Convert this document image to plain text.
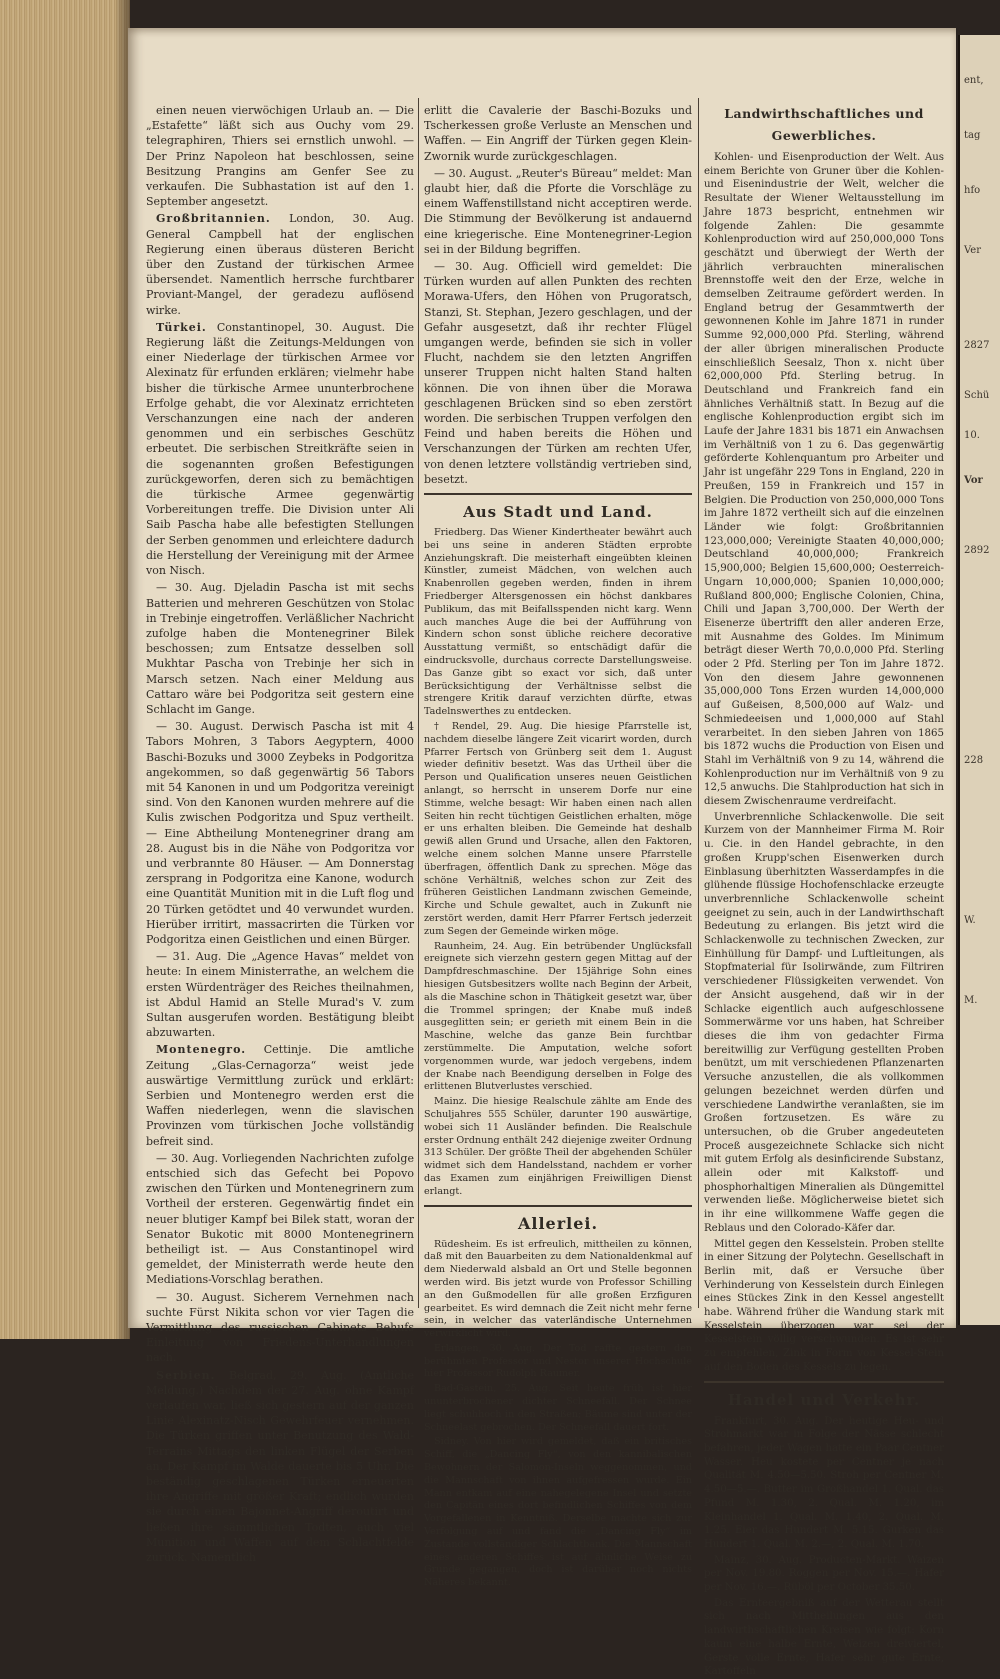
einen neuen vierwöchigen Urlaub an. — Die „Estafette“ läßt sich aus Ouchy vom 29. telegraphiren, Thiers sei ernstlich unwohl. — Der Prinz Napoleon hat beschlossen, seine Besitzung Prangins am Genfer See zu verkaufen. Die Subhastation ist auf den 1. September angesetzt.

Großbritannien. London, 30. Aug. General Campbell hat der englischen Regierung einen überaus düsteren Bericht über den Zustand der türkischen Armee übersendet. Namentlich herrsche furchtbarer Proviant-Mangel, der geradezu auflösend wirke.

Türkei. Constantinopel, 30. August. Die Regierung läßt die Zeitungs-Meldungen von einer Niederlage der türkischen Armee vor Alexinatz für erfunden erklären; vielmehr habe bisher die türkische Armee ununterbrochene Erfolge gehabt, die vor Alexinatz errichteten Verschanzungen eine nach der anderen genommen und ein serbisches Geschütz erbeutet. Die serbischen Streitkräfte seien in die sogenannten großen Befestigungen zurückgeworfen, deren sich zu bemächtigen die türkische Armee gegenwärtig Vorbereitungen treffe. Die Division unter Ali Saib Pascha habe alle befestigten Stellungen der Serben genommen und erleichtere dadurch die Herstellung der Vereinigung mit der Armee von Nisch.

— 30. Aug. Djeladin Pascha ist mit sechs Batterien und mehreren Geschützen von Stolac in Trebinje eingetroffen. Verläßlicher Nachricht zufolge haben die Montenegriner Bilek beschossen; zum Entsatze desselben soll Mukhtar Pascha von Trebinje her sich in Marsch setzen. Nach einer Meldung aus Cattaro wäre bei Podgoritza seit gestern eine Schlacht im Gange.

— 30. August. Derwisch Pascha ist mit 4 Tabors Mohren, 3 Tabors Aegyptern, 4000 Baschi-Bozuks und 3000 Zeybeks in Podgoritza angekommen, so daß gegenwärtig 56 Tabors mit 54 Kanonen in und um Podgoritza vereinigt sind. Von den Kanonen wurden mehrere auf die Kulis zwischen Podgoritza und Spuz vertheilt. — Eine Abtheilung Montenegriner drang am 28. August bis in die Nähe von Podgoritza vor und verbrannte 80 Häuser. — Am Donnerstag zersprang in Podgoritza eine Kanone, wodurch eine Quantität Munition mit in die Luft flog und 20 Türken getödtet und 40 verwundet wurden. Hierüber irritirt, massacrirten die Türken vor Podgoritza einen Geistlichen und einen Bürger.

— 31. Aug. Die „Agence Havas“ meldet von heute: In einem Ministerrathe, an welchem die ersten Würdenträger des Reiches theilnahmen, ist Abdul Hamid an Stelle Murad's V. zum Sultan ausgerufen worden. Bestätigung bleibt abzuwarten.

Montenegro. Cettinje. Die amtliche Zeitung „Glas-Cernagorza“ weist jede auswärtige Vermittlung zurück und erklärt: Serbien und Montenegro werden erst die Waffen niederlegen, wenn die slavischen Provinzen vom türkischen Joche vollständig befreit sind.

— 30. Aug. Vorliegenden Nachrichten zufolge entschied sich das Gefecht bei Popovo zwischen den Türken und Montenegrinern zum Vortheil der ersteren. Gegenwärtig findet ein neuer blutiger Kampf bei Bilek statt, woran der Senator Bukotic mit 8000 Montenegrinern betheiligt ist. — Aus Constantinopel wird gemeldet, der Ministerrath werde heute den Mediations-Vorschlag berathen.

— 30. August. Sicherem Vernehmen nach suchte Fürst Nikita schon vor vier Tagen die Vermittlung des russischen Cabinets Behufs Einleitung von Friedens-Unterhandlungen nach.

Serbien. Belgrad, 29. Aug. (Amtliche Meldung.) Nachdem der 27. Aug. ohne Kampf verlaufen war, ließ sich gestern auf der ganzen Linie Alexinatz-Nisch Gewehrfeuer vernehmen. Die Türken griffen unter Benutzung des Wald-Terrains Mittags den linken Flügel der Serben an. Der Kampf im Walde dauerte bis 5 Uhr. Die beständig geschlagenen Türken erneuerten ihre Angriffe mit größer Kraft; endlich wurden sie durch einen Bajonnet-Angriff deroutirt und ließen ihre sämmtlichen Todten, auch viel Munition und Waffen auf dem Schlachtfelde zurück. Namentlich

erlitt die Cavalerie der Baschi-Bozuks und Tscherkessen große Verluste an Menschen und Waffen. — Ein Angriff der Türken gegen Klein-Zwornik wurde zurückgeschlagen.

— 30. August. „Reuter's Büreau“ meldet: Man glaubt hier, daß die Pforte die Vorschläge zu einem Waffenstillstand nicht acceptiren werde. Die Stimmung der Bevölkerung ist andauernd eine kriegerische. Eine Montenegriner-Legion sei in der Bildung begriffen.

— 30. Aug. Officiell wird gemeldet: Die Türken wurden auf allen Punkten des rechten Morawa-Ufers, den Höhen von Prugoratsch, Stanzi, St. Stephan, Jezero geschlagen, und der Gefahr ausgesetzt, daß ihr rechter Flügel umgangen werde, befinden sie sich in voller Flucht, nachdem sie den letzten Angriffen unserer Truppen nicht halten Stand halten können. Die von ihnen über die Morawa geschlagenen Brücken sind so eben zerstört worden. Die serbischen Truppen verfolgen den Feind und haben bereits die Höhen und Verschanzungen der Türken am rechten Ufer, von denen letztere vollständig vertrieben sind, besetzt.

Aus Stadt und Land.

Friedberg. Das Wiener Kindertheater bewährt auch bei uns seine in anderen Städten erprobte Anziehungskraft. Die meisterhaft eingeübten kleinen Künstler, zumeist Mädchen, von welchen auch Knabenrollen gegeben werden, finden in ihrem Friedberger Altersgenossen ein höchst dankbares Publikum, das mit Beifallsspenden nicht karg. Wenn auch manches Auge die bei der Aufführung von Kindern schon sonst übliche reichere decorative Ausstattung vermißt, so entschädigt dafür die eindrucksvolle, durchaus correcte Darstellungsweise. Das Ganze gibt so exact vor sich, daß unter Berücksichtigung der Verhältnisse selbst die strengere Kritik darauf verzichten dürfte, etwas Tadelnswerthes zu entdecken.

† Rendel, 29. Aug. Die hiesige Pfarrstelle ist, nachdem dieselbe längere Zeit vicarirt worden, durch Pfarrer Fertsch von Grünberg seit dem 1. August wieder definitiv besetzt. Was das Urtheil über die Person und Qualification unseres neuen Geistlichen anlangt, so herrscht in unserem Dorfe nur eine Stimme, welche besagt: Wir haben einen nach allen Seiten hin recht tüchtigen Geistlichen erhalten, möge er uns erhalten bleiben. Die Gemeinde hat deshalb gewiß allen Grund und Ursache, allen den Faktoren, welche einem solchen Manne unsere Pfarrstelle überfragen, öffentlich Dank zu sprechen. Möge das schöne Verhältniß, welches schon zur Zeit des früheren Geistlichen Landmann zwischen Gemeinde, Kirche und Schule gewaltet, auch in Zukunft nie zerstört werden, damit Herr Pfarrer Fertsch jederzeit zum Segen der Gemeinde wirken möge.

Raunheim, 24. Aug. Ein betrübender Unglücksfall ereignete sich vierzehn gestern gegen Mittag auf der Dampfdreschmaschine. Der 15jährige Sohn eines hiesigen Gutsbesitzers wollte nach Beginn der Arbeit, als die Maschine schon in Thätigkeit gesetzt war, über die Trommel springen; der Knabe muß indeß ausgeglitten sein; er gerieth mit einem Bein in die Maschine, welche das ganze Bein furchtbar zerstümmelte. Die Amputation, welche sofort vorgenommen wurde, war jedoch vergebens, indem der Knabe nach Beendigung derselben in Folge des erlittenen Blutverlustes verschied.

Mainz. Die hiesige Realschule zählte am Ende des Schuljahres 555 Schüler, darunter 190 auswärtige, wobei sich 11 Ausländer befinden. Die Realschule erster Ordnung enthält 242 diejenige zweiter Ordnung 313 Schüler. Der größte Theil der abgehenden Schüler widmet sich dem Handelsstand, nachdem er vorher das Examen zum einjährigen Freiwilligen Dienst erlangt.

Allerlei.

Rüdesheim. Es ist erfreulich, mittheilen zu können, daß mit den Bauarbeiten zu dem Nationaldenkmal auf dem Niederwald alsbald an Ort und Stelle begonnen werden wird. Bis jetzt wurde von Professor Schilling an den Gußmodellen für alle großen Erzfiguren gearbeitet. Es wird demnach die Zeit nicht mehr ferne sein, in welcher das vaterländische Unternehmen verwirklicht wird.

Erlangen, 30. Aug. Der Tod raffte gestern den berühmten Professor und Nestor unserer Hochschule hier Professor Rudolph Raumer.

Bad-Gastein, 25. Aug. Seit heute früh ist hier ununterbrochener dichter Schneefall. Der Schnee liegt schuhhoch in den Straßen; Bäume sind unter der Schneelast gebrochen. Der Schneefall dauert fort.

Sidney. Von hier wird gemeldet, daß ein britisches Schiff, die „Dancing Fly“, von den kannibalischen Bewohnern der Salomon-Inseln weggenommen, und die Mannschaft von ihnen aufgefressen wurde. Ein Mann entkam auf eine nahegelegene Insel und setzte den Capitän eines dort befindlichen Schiffes von dem Vorgefallenen in Kenntniß. Derselbe machte sich zur Verfolgung auf und fand die „Dancing Fly“ im Zustande vollständiger Schlachtbank. Die Mannschaft eines anderen Schiffes ist auf ähnliche Weise zu Grunde gegangen, doch ist darüber noch nichts Näheres bekannt.

Landwirthschaftliches und Gewerbliches.

Kohlen- und Eisenproduction der Welt. Aus einem Berichte von Gruner über die Kohlen- und Eisenindustrie der Welt, welcher die Resultate der Wiener Weltausstellung im Jahre 1873 bespricht, entnehmen wir folgende Zahlen: Die gesammte Kohlenproduction wird auf 250,000,000 Tons geschätzt und überwiegt der Werth der jährlich verbrauchten mineralischen Brennstoffe weit den der Erze, welche in demselben Zeitraume gefördert werden. In England betrug der Gesammtwerth der gewonnenen Kohle im Jahre 1871 in runder Summe 92,000,000 Pfd. Sterling, während der aller übrigen mineralischen Producte einschließlich Seesalz, Thon x. nicht über 62,000,000 Pfd. Sterling betrug. In Deutschland und Frankreich fand ein ähnliches Verhältniß statt. In Bezug auf die englische Kohlenproduction ergibt sich im Laufe der Jahre 1831 bis 1871 ein Anwachsen im Verhältniß von 1 zu 6. Das gegenwärtig geförderte Kohlenquantum pro Arbeiter und Jahr ist ungefähr 229 Tons in England, 220 in Preußen, 159 in Frankreich und 157 in Belgien. Die Production von 250,000,000 Tons im Jahre 1872 vertheilt sich auf die einzelnen Länder wie folgt: Großbritannien 123,000,000; Vereinigte Staaten 40,000,000; Deutschland 40,000,000; Frankreich 15,900,000; Belgien 15,600,000; Oesterreich-Ungarn 10,000,000; Spanien 10,000,000; Rußland 800,000; Englische Colonien, China, Chili und Japan 3,700,000. Der Werth der Eisenerze übertrifft den aller anderen Erze, mit Ausnahme des Goldes. Im Minimum beträgt dieser Werth 70,0.0,000 Pfd. Sterling oder 2 Pfd. Sterling per Ton im Jahre 1872. Von den diesem Jahre gewonnenen 35,000,000 Tons Erzen wurden 14,000,000 auf Gußeisen, 8,500,000 auf Walz- und Schmiedeeisen und 1,000,000 auf Stahl verarbeitet. In den sieben Jahren von 1865 bis 1872 wuchs die Production von Eisen und Stahl im Verhältniß von 9 zu 14, während die Kohlenproduction nur im Verhältniß von 9 zu 12,5 anwuchs. Die Stahlproduction hat sich in diesem Zwischenraume verdreifacht.

Unverbrennliche Schlackenwolle. Die seit Kurzem von der Mannheimer Firma M. Roir u. Cie. in den Handel gebrachte, in den großen Krupp'schen Eisenwerken durch Einblasung überhitzten Wasserdampfes in die glühende flüssige Hochofenschlacke erzeugte unverbrennliche Schlackenwolle scheint geeignet zu sein, auch in der Landwirthschaft Bedeutung zu erlangen. Bis jetzt wird die Schlackenwolle zu technischen Zwecken, zur Einhüllung für Dampf- und Luftleitungen, als Stopfmaterial für Isolirwände, zum Filtriren verschiedener Flüssigkeiten verwendet. Von der Ansicht ausgehend, daß wir in der Schlacke eigentlich auch aufgeschlossene Sommerwärme vor uns haben, hat Schreiber dieses die ihm von gedachter Firma bereitwillig zur Verfügung gestellten Proben benützt, um mit verschiedenen Pflanzenarten Versuche anzustellen, die als vollkommen gelungen bezeichnet werden dürfen und verschiedene Landwirthe veranlaßten, sie im Großen fortzusetzen. Es wäre zu untersuchen, ob die Gruber angedeuteten Proceß ausgezeichnete Schlacke sich nicht mit gutem Erfolg als desinficirende Substanz, allein oder mit Kalkstoff- und phosphorhaltigen Mineralien als Düngemittel verwenden ließe. Möglicherweise bietet sich in ihr eine willkommene Waffe gegen die Reblaus und den Colorado-Käfer dar.

Mittel gegen den Kesselstein. Proben stellte in einer Sitzung der Polytechn. Gesellschaft in Berlin mit, daß er Versuche über Verhinderung von Kesselstein durch Einlegen eines Stückes Zink in den Kessel angestellt habe. Während früher die Wandung stark mit Kesselstein überzogen war, sei der Kesselstein völlig verschwunden. Es ist sehr zu empfehlen, Zink in Form von Kessel-Stein auf den Boden des Kessels zu legen.

Handel und Verkehr.

Frankfurt, 30. Aug. Der heutige Heu- und Strohmarkt war in Folge der Nässe schlecht befahren, jeder Wagen hatte ein Paar Centner Wasser. Heu kostete per Centner je nach Qualität M. 4.50—5.50. Stroh per Centner M. 4.50—5.—. Butter im Großhandel 1. Qual. das Pfund M. 1.30, 2. Qual. M. 1.20, im Kleinhandel 1. Qual. M. 1.40, 2. Qual. M. 1.25. Eier das Hundert M. 5.15. Gurken das Hundert 1. Qual. M. 2.—, 2. Qual. M. 1.70.

Mainz, 30. Aug. Producten-Markt. Waizen per Nov. 19.80. Roggen per Nov. 15.—. Hafer per Nov. 16.—. Rüböl per October 35.50.

Das Ernteergebniß auf der Wetterau stellt sich nach Mittheilungen aus den landwirthschaftlichen Kreisen wie folgt: Korn kaum eine halbe Ernte, Weizen dreiviertel, Gerste volle Ernte, Hafer sehr gute Ernte, Kartoffeln

ent,
tag
hfo
Ver
2827
Schü
10.
Vor
2892
228
W.
M.
